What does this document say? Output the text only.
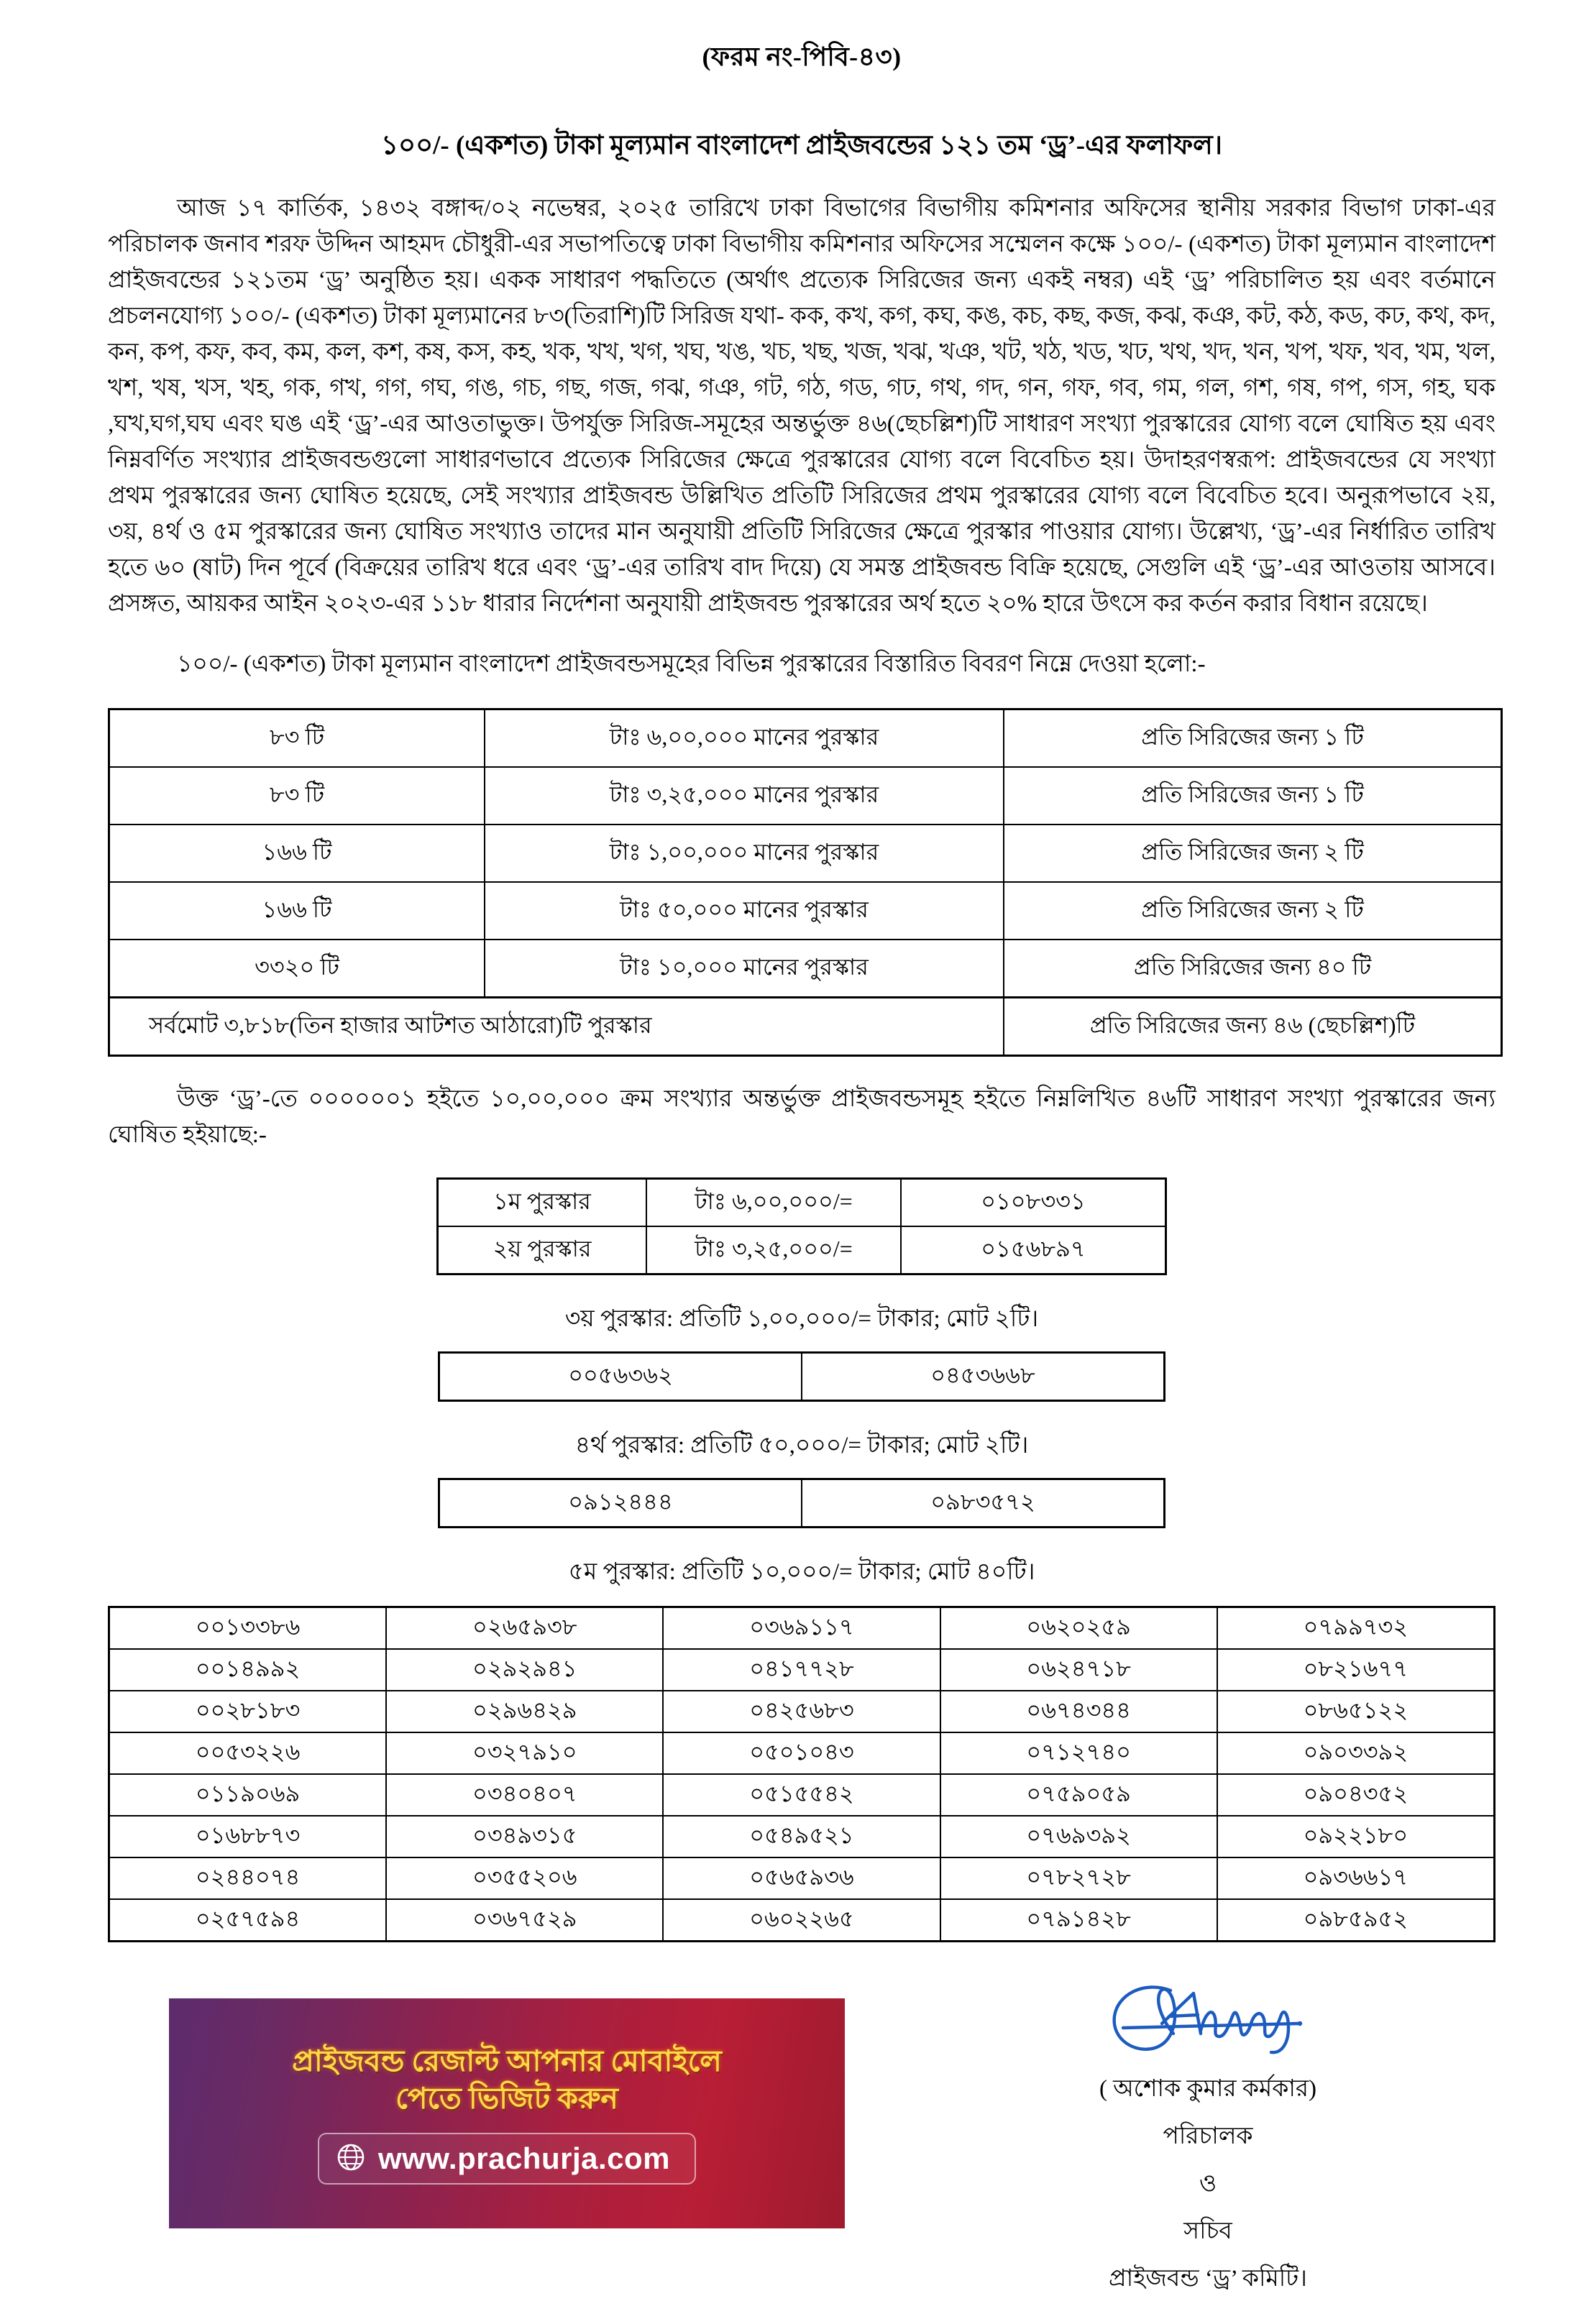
(ফরম নং-পিবি-৪৩)
১০০/- (একশত) টাকা মূল্যমান বাংলাদেশ প্রাইজবন্ডের ১২১ তম ‘ড্র’-এর ফলাফল।
আজ ১৭ কার্তিক, ১৪৩২ বঙ্গাব্দ/০২ নভেম্বর, ২০২৫ তারিখে ঢাকা বিভাগের বিভাগীয় কমিশনার অফিসের স্থানীয় সরকার বিভাগ ঢাকা-এর পরিচালক জনাব শরফ উদ্দিন আহমদ চৌধুরী-এর সভাপতিত্বে ঢাকা বিভাগীয় কমিশনার অফিসের সম্মেলন কক্ষে ১০০/- (একশত) টাকা মূল্যমান বাংলাদেশ প্রাইজবন্ডের ১২১তম ‘ড্র’ অনুষ্ঠিত হয়। একক সাধারণ পদ্ধতিতে (অর্থাৎ প্রত্যেক সিরিজের জন্য একই নম্বর) এই ‘ড্র’ পরিচালিত হয় এবং বর্তমানে প্রচলনযোগ্য ১০০/- (একশত) টাকা মূল্যমানের ৮৩(তিরাশি)টি সিরিজ যথা- কক, কখ, কগ, কঘ, কঙ, কচ, কছ, কজ, কঝ, কঞ, কট, কঠ, কড, কঢ, কথ, কদ, কন, কপ, কফ, কব, কম, কল, কশ, কষ, কস, কহ, খক, খখ, খগ, খঘ, খঙ, খচ, খছ, খজ, খঝ, খঞ, খট, খঠ, খড, খঢ, খথ, খদ, খন, খপ, খফ, খব, খম, খল, খশ, খষ, খস, খহ, গক, গখ, গগ, গঘ, গঙ, গচ, গছ, গজ, গঝ, গঞ, গট, গঠ, গড, গঢ, গথ, গদ, গন, গফ, গব, গম, গল, গশ, গষ, গপ, গস, গহ, ঘক ,ঘখ,ঘগ,ঘঘ এবং ঘঙ এই ‘ড্র’-এর আওতাভুক্ত। উপর্যুক্ত সিরিজ-সমূহের অন্তর্ভুক্ত ৪৬(ছেচল্লিশ)টি সাধারণ সংখ্যা পুরস্কারের যোগ্য বলে ঘোষিত হয় এবং নিম্নবর্ণিত সংখ্যার প্রাইজবন্ডগুলো সাধারণভাবে প্রত্যেক সিরিজের ক্ষেত্রে পুরস্কারের যোগ্য বলে বিবেচিত হয়। উদাহরণস্বরূপ: প্রাইজবন্ডের যে সংখ্যা প্রথম পুরস্কারের জন্য ঘোষিত হয়েছে, সেই সংখ্যার প্রাইজবন্ড উল্লিখিত প্রতিটি সিরিজের প্রথম পুরস্কারের যোগ্য বলে বিবেচিত হবে। অনুরূপভাবে ২য়, ৩য়, ৪র্থ ও ৫ম পুরস্কারের জন্য ঘোষিত সংখ্যাও তাদের মান অনুযায়ী প্রতিটি সিরিজের ক্ষেত্রে পুরস্কার পাওয়ার যোগ্য। উল্লেখ্য, ‘ড্র’-এর নির্ধারিত তারিখ হতে ৬০ (ষাট) দিন পূর্বে (বিক্রয়ের তারিখ ধরে এবং ‘ড্র’-এর তারিখ বাদ দিয়ে) যে সমস্ত প্রাইজবন্ড বিক্রি হয়েছে, সেগুলি এই ‘ড্র’-এর আওতায় আসবে। প্রসঙ্গত, আয়কর আইন ২০২৩-এর ১১৮ ধারার নির্দেশনা অনুযায়ী প্রাইজবন্ড পুরস্কারের অর্থ হতে ২০% হারে উৎসে কর কর্তন করার বিধান রয়েছে।
১০০/- (একশত) টাকা মূল্যমান বাংলাদেশ প্রাইজবন্ডসমূহের বিভিন্ন পুরস্কারের বিস্তারিত বিবরণ নিম্নে দেওয়া হলো:-
৮৩ টি	টাঃ ৬,০০,০০০ মানের পুরস্কার	প্রতি সিরিজের জন্য ১ টি
৮৩ টি	টাঃ ৩,২৫,০০০ মানের পুরস্কার	প্রতি সিরিজের জন্য ১ টি
১৬৬ টি	টাঃ ১,০০,০০০ মানের পুরস্কার	প্রতি সিরিজের জন্য ২ টি
১৬৬ টি	টাঃ ৫০,০০০ মানের পুরস্কার	প্রতি সিরিজের জন্য ২ টি
৩৩২০ টি	টাঃ ১০,০০০ মানের পুরস্কার	প্রতি সিরিজের জন্য ৪০ টি
সর্বমোট ৩,৮১৮(তিন হাজার আটশত আঠারো)টি পুরস্কার		প্রতি সিরিজের জন্য ৪৬ (ছেচল্লিশ)টি
উক্ত ‘ড্র’-তে ০০০০০০১ হইতে ১০,০০,০০০ ক্রম সংখ্যার অন্তর্ভুক্ত প্রাইজবন্ডসমূহ হইতে নিম্নলিখিত ৪৬টি সাধারণ সংখ্যা পুরস্কারের জন্য ঘোষিত হইয়াছে:-
১ম পুরস্কার	টাঃ ৬,০০,০০০/=	০১০৮৩৩১
২য় পুরস্কার	টাঃ ৩,২৫,০০০/=	০১৫৬৮৯৭
৩য় পুরস্কার: প্রতিটি ১,০০,০০০/= টাকার; মোট ২টি।
০০৫৬৩৬২	০৪৫৩৬৬৮
৪র্থ পুরস্কার: প্রতিটি ৫০,০০০/= টাকার; মোট ২টি।
০৯১২৪৪৪	০৯৮৩৫৭২
৫ম পুরস্কার: প্রতিটি ১০,০০০/= টাকার; মোট ৪০টি।
০০১৩৩৮৬	০২৬৫৯৩৮	০৩৬৯১১৭	০৬২০২৫৯	০৭৯৯৭৩২
০০১৪৯৯২	০২৯২৯৪১	০৪১৭৭২৮	০৬২৪৭১৮	০৮২১৬৭৭
০০২৮১৮৩	০২৯৬৪২৯	০৪২৫৬৮৩	০৬৭৪৩৪৪	০৮৬৫১২২
০০৫৩২২৬	০৩২৭৯১০	০৫০১০৪৩	০৭১২৭৪০	০৯০৩৩৯২
০১১৯০৬৯	০৩৪০৪০৭	০৫১৫৫৪২	০৭৫৯০৫৯	০৯০৪৩৫২
০১৬৮৮৭৩	০৩৪৯৩১৫	০৫৪৯৫২১	০৭৬৯৩৯২	০৯২২১৮০
০২৪৪০৭৪	০৩৫৫২০৬	০৫৬৫৯৩৬	০৭৮২৭২৮	০৯৩৬৬১৭
০২৫৭৫৯৪	০৩৬৭৫২৯	০৬০২২৬৫	০৭৯১৪২৮	০৯৮৫৯৫২
প্রাইজবন্ড রেজাল্ট আপনার মোবাইলে
পেতে ভিজিট করুন
www.prachurja.com
( অশোক কুমার কর্মকার)
পরিচালক
ও
সচিব
প্রাইজবন্ড ‘ড্র’ কমিটি।
